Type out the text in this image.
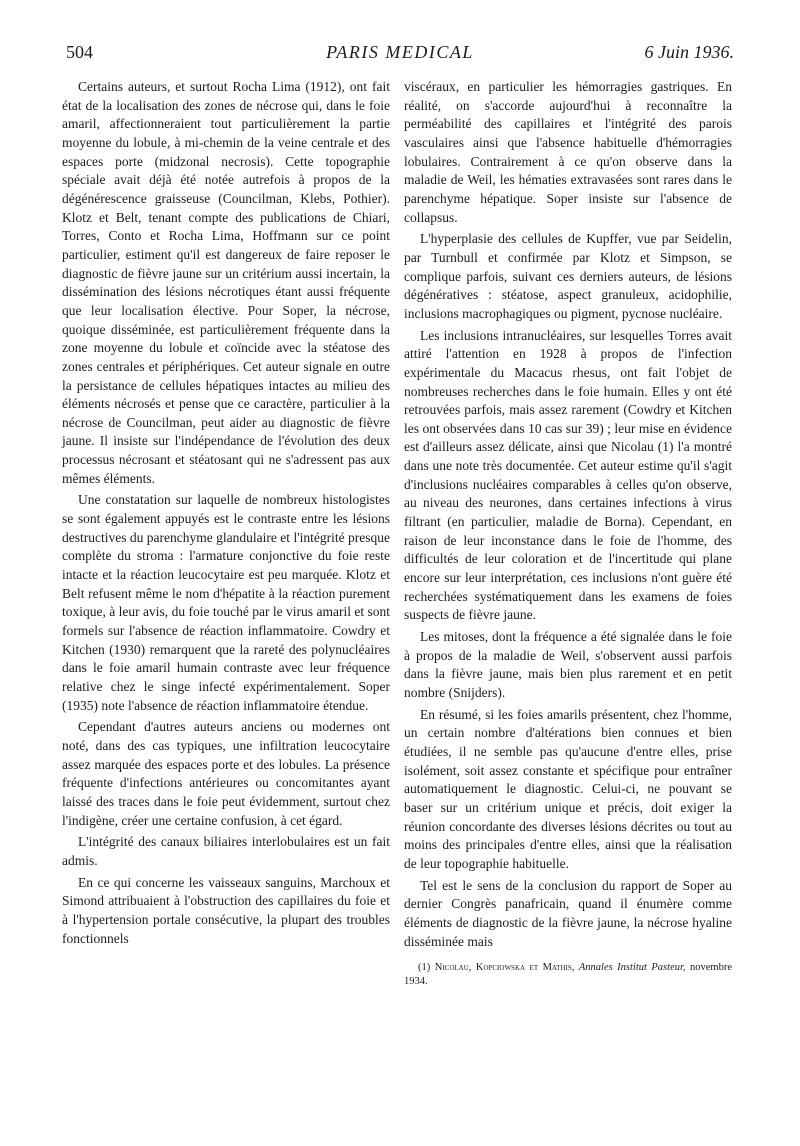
504	PARIS MEDICAL	6 Juin 1936.

Certains auteurs, et surtout Rocha Lima (1912), ont fait état de la localisation des zones de nécrose qui, dans le foie amaril, affectionneraient tout particulièrement la partie moyenne du lobule, à mi-chemin de la veine centrale et des espaces porte (midzonal necrosis). Cette topographie spéciale avait déjà été notée autrefois à propos de la dégénérescence graisseuse (Councilman, Klebs, Pothier). Klotz et Belt, tenant compte des publications de Chiari, Torres, Conto et Rocha Lima, Hoffmann sur ce point particulier, estiment qu'il est dangereux de faire reposer le diagnostic de fièvre jaune sur un critérium aussi incertain, la dissémination des lésions nécrotiques étant aussi fréquente que leur localisation élective. Pour Soper, la nécrose, quoique disséminée, est particulièrement fréquente dans la zone moyenne du lobule et coïncide avec la stéatose des zones centrales et périphériques. Cet auteur signale en outre la persistance de cellules hépatiques intactes au milieu des éléments nécrosés et pense que ce caractère, particulier à la nécrose de Councilman, peut aider au diagnostic de fièvre jaune. Il insiste sur l'indépendance de l'évolution des deux processus nécrosant et stéatosant qui ne s'adressent pas aux mêmes éléments.

Une constatation sur laquelle de nombreux histologistes se sont également appuyés est le contraste entre les lésions destructives du parenchyme glandulaire et l'intégrité presque complète du stroma : l'armature conjonctive du foie reste intacte et la réaction leucocytaire est peu marquée. Klotz et Belt refusent même le nom d'hépatite à la réaction purement toxique, à leur avis, du foie touché par le virus amaril et sont formels sur l'absence de réaction inflammatoire. Cowdry et Kitchen (1930) remarquent que la rareté des polynucléaires dans le foie amaril humain contraste avec leur fréquence relative chez le singe infecté expérimentalement. Soper (1935) note l'absence de réaction inflammatoire étendue.

Cependant d'autres auteurs anciens ou modernes ont noté, dans des cas typiques, une infiltration leucocytaire assez marquée des espaces porte et des lobules. La présence fréquente d'infections antérieures ou concomitantes ayant laissé des traces dans le foie peut évidemment, surtout chez l'indigène, créer une certaine confusion, à cet égard.

L'intégrité des canaux biliaires interlobulaires est un fait admis.

En ce qui concerne les vaisseaux sanguins, Marchoux et Simond attribuaient à l'obstruction des capillaires du foie et à l'hypertension portale consécutive, la plupart des troubles fonctionnels

viscéraux, en particulier les hémorragies gastriques. En réalité, on s'accorde aujourd'hui à reconnaître la perméabilité des capillaires et l'intégrité des parois vasculaires ainsi que l'absence habituelle d'hémorragies lobulaires. Contrairement à ce qu'on observe dans la maladie de Weil, les hématies extravasées sont rares dans le parenchyme hépatique. Soper insiste sur l'absence de collapsus.

L'hyperplasie des cellules de Kupffer, vue par Seidelin, par Turnbull et confirmée par Klotz et Simpson, se complique parfois, suivant ces derniers auteurs, de lésions dégénératives : stéatose, aspect granuleux, acidophilie, inclusions macrophagiques ou pigment, pycnose nucléaire.

Les inclusions intranucléaires, sur lesquelles Torres avait attiré l'attention en 1928 à propos de l'infection expérimentale du Macacus rhesus, ont fait l'objet de nombreuses recherches dans le foie humain. Elles y ont été retrouvées parfois, mais assez rarement (Cowdry et Kitchen les ont observées dans 10 cas sur 39) ; leur mise en évidence est d'ailleurs assez délicate, ainsi que Nicolau (1) l'a montré dans une note très documentée. Cet auteur estime qu'il s'agit d'inclusions nucléaires comparables à celles qu'on observe, au niveau des neurones, dans certaines infections à virus filtrant (en particulier, maladie de Borna). Cependant, en raison de leur inconstance dans le foie de l'homme, des difficultés de leur coloration et de l'incertitude qui plane encore sur leur interprétation, ces inclusions n'ont guère été recherchées systématiquement dans les examens de foies suspects de fièvre jaune.

Les mitoses, dont la fréquence a été signalée dans le foie à propos de la maladie de Weil, s'observent aussi parfois dans la fièvre jaune, mais bien plus rarement et en petit nombre (Snijders).

En résumé, si les foies amarils présentent, chez l'homme, un certain nombre d'altérations bien connues et bien étudiées, il ne semble pas qu'aucune d'entre elles, prise isolément, soit assez constante et spécifique pour entraîner automatiquement le diagnostic. Celui-ci, ne pouvant se baser sur un critérium unique et précis, doit exiger la réunion concordante des diverses lésions décrites ou tout au moins des principales d'entre elles, ainsi que la réalisation de leur topographie habituelle.

Tel est le sens de la conclusion du rapport de Soper au dernier Congrès panafricain, quand il énumère comme éléments de diagnostic de la fièvre jaune, la nécrose hyaline disséminée mais

(1) Nicolau, Kopciowska et Mathis, Annales Institut Pasteur, novembre 1934.
